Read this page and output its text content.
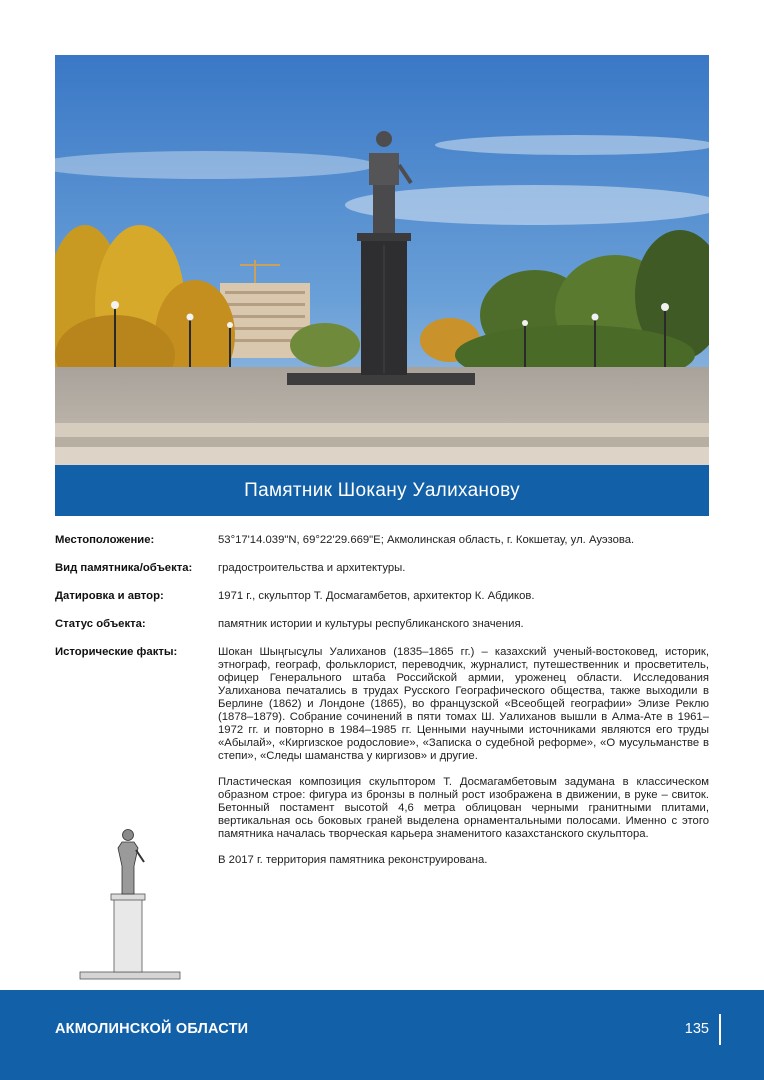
Памятник Шокану Уалиханову
Местоположение:	53°17'14.039"N, 69°22'29.669"E; Акмолинская область, г. Кокшетау, ул. Ауэзова.
Вид памятника/объекта:	градостроительства и архитектуры.
Датировка и автор:	1971 г., скульптор Т. Досмагамбетов, архитектор К. Абдиков.
Статус объекта:	памятник истории и культуры республиканского значения.
Исторические факты:	Шокан Шыңгысұлы Уалиханов (1835–1865 гг.) – казахский ученый-востоковед, историк, этнограф, географ, фольклорист, переводчик, журналист, путешественник и просветитель, офицер Генерального штаба Российской армии, уроженец области. Исследования Уалиханова печатались в трудах Русского Географического общества, также выходили в Берлине (1862) и Лондоне (1865), во французской «Всеобщей географии» Элизе Реклю (1878–1879). Собрание сочинений в пяти томах Ш. Уалиханов вышли в Алма-Ате в 1961–1972 гг. и повторно в 1984–1985 гг. Ценными научными источниками являются его труды «Абылай», «Киргизское родословие», «Записка о судебной реформе», «О мусульманстве в степи», «Следы шаманства у киргизов» и другие.

Пластическая композиция скульптором Т. Досмагамбетовым задумана в классическом образном строе: фигура из бронзы в полный рост изображена в движении, в руке – свиток. Бетонный постамент высотой 4,6 метра облицован черными гранитными плитами, вертикальная ось боковых граней выделена орнаментальными полосами. Именно с этого памятника началась творческая карьера знаменитого казахстанского скульптора.

В 2017 г. территория памятника реконструирована.

АКМОЛИНСКОЙ ОБЛАСТИ	135
